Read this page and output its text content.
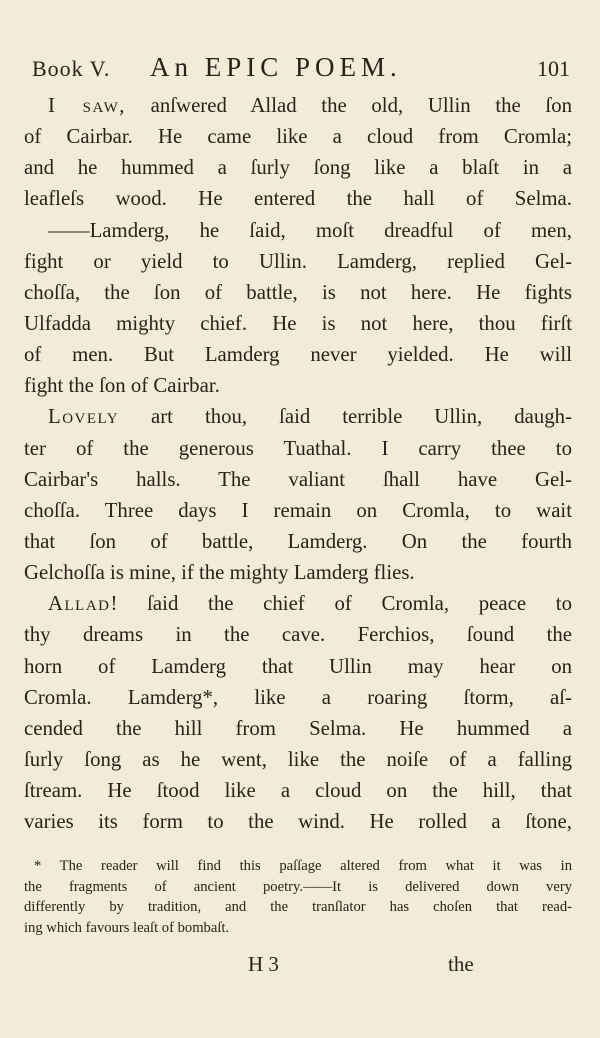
Book V. An EPIC POEM.	101
I saw, anſwered Allad the old, Ullin the ſon
of Cairbar. He came like a cloud from Cromla;
and he hummed a ſurly ſong like a blaſt in a
leafleſs wood. He entered the hall of Selma.
——Lamderg, he ſaid, moſt dreadful of men,
fight or yield to Ullin. Lamderg, replied Gel-
choſſa, the ſon of battle, is not here. He fights
Ulfadda mighty chief. He is not here, thou firſt
of men. But Lamderg never yielded. He will
fight the ſon of Cairbar.
Lovely art thou, ſaid terrible Ullin, daugh-
ter of the generous Tuathal. I carry thee to
Cairbar's halls. The valiant ſhall have Gel-
choſſa. Three days I remain on Cromla, to wait
that ſon of battle, Lamderg. On the fourth
Gelchoſſa is mine, if the mighty Lamderg flies.
Allad! ſaid the chief of Cromla, peace to
thy dreams in the cave. Ferchios, ſound the
horn of Lamderg that Ullin may hear on
Cromla. Lamderg*, like a roaring ſtorm, aſ-
cended the hill from Selma. He hummed a
ſurly ſong as he went, like the noiſe of a falling
ſtream. He ſtood like a cloud on the hill, that
varies its form to the wind. He rolled a ſtone,
* The reader will find this paſſage altered from what it was in
the fragments of ancient poetry.——It is delivered down very
differently by tradition, and the tranſlator has choſen that read-
ing which favours leaſt of bombaſt.
H 3	the
